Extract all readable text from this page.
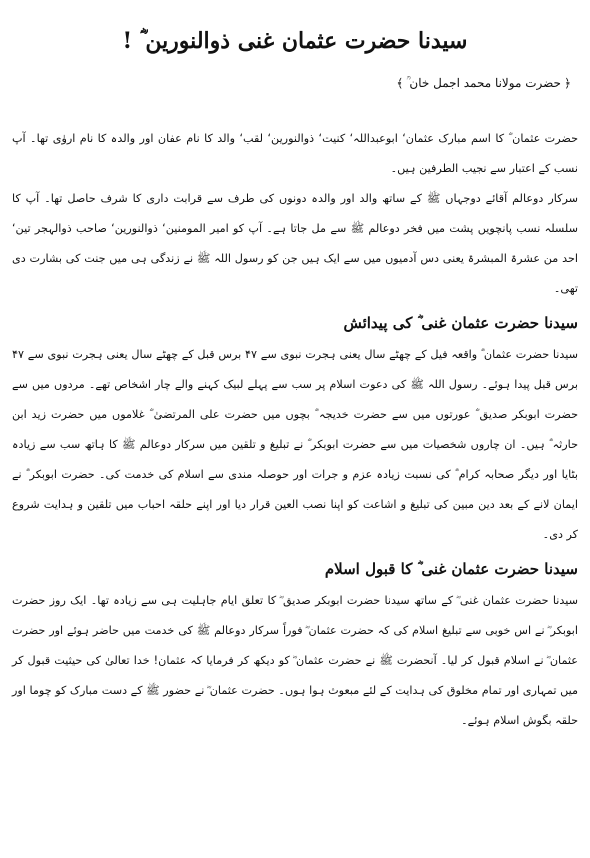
سیدنا حضرت عثمان غنی ذوالنورین ؓ !
﴿حضرت مولانا محمد اجمل خان ؒ﴾

حضرت عثمان ؓ کا اسم مبارک عثمان‘ ابوعبداللہ‘ کنیت‘ ذوالنورین‘ لقب‘ والد کا نام عفان اور والدہ کا نام اروٰی تھا۔ آپ نسب کے اعتبار سے نجیب الطرفین ہیں۔

سرکار دوعالم آقائے دوجہاں ﷺ کے ساتھ والد اور والدہ دونوں کی طرف سے قرابت داری کا شرف حاصل تھا۔ آپ کا سلسلہ نسب پانچویں پشت میں فخر دوعالم ﷺ سے مل جاتا ہے۔ آپ کو امیر المومنین‘ ذوالنورین‘ صاحب ذوالہجر تین‘ احد من عشرۃ المبشرۃ یعنی دس آدمیوں میں سے ایک ہیں جن کو رسول اللہ ﷺ نے زندگی ہی میں جنت کی بشارت دی تھی۔

سیدنا حضرت عثمان غنی ؓ کی پیدائش

سیدنا حضرت عثمان ؓ واقعہ فیل کے چھٹے سال یعنی ہجرت نبوی سے ۴۷ برس قبل کے چھٹے سال یعنی ہجرت نبوی سے ۴۷ برس قبل پیدا ہوئے۔ رسول اللہ ﷺ کی دعوت اسلام پر سب سے پہلے لبیک کہنے والے چار اشخاص تھے۔ مردوں میں سے حضرت ابوبکر صدیق ؓ عورتوں میں سے حضرت خدیجہ ؓ بچوں میں حضرت علی المرتضیٰ ؓ غلاموں میں حضرت زید ابن حارثہ ؓ ہیں۔ ان چاروں شخصیات میں سے حضرت ابوبکر ؓ نے تبلیغ و تلقین میں سرکار دوعالم ﷺ کا ہاتھ سب سے زیادہ بٹایا اور دیگر صحابہ کرام ؓ کی نسبت زیادہ عزم و جرات اور حوصلہ مندی سے اسلام کی خدمت کی۔ حضرت ابوبکر ؓ نے ایمان لانے کے بعد دین مبین کی تبلیغ و اشاعت کو اپنا نصب العین قرار دیا اور اپنے حلقہ احباب میں تلقین و ہدایت شروع کر دی۔

سیدنا حضرت عثمان غنی ؓ کا قبول اسلام

سیدنا حضرت عثمان غنی ؓ کے ساتھ سیدنا حضرت ابوبکر صدیق ؓ کا تعلق ایام جاہلیت ہی سے زیادہ تھا۔ ایک روز حضرت ابوبکر ؓ نے اس خوبی سے تبلیغ اسلام کی کہ حضرت عثمان ؓ فوراً سرکار دوعالم ﷺ کی خدمت میں حاضر ہوئے اور حضرت عثمان ؓ نے اسلام قبول کر لیا۔ آنحضرت ﷺ نے حضرت عثمان ؓ کو دیکھ کر فرمایا کہ عثمان! خدا تعالیٰ کی حیثیت قبول کر میں تمہاری اور تمام مخلوق کی ہدایت کے لئے مبعوث ہوا ہوں۔ حضرت عثمان ؓ نے حضور ﷺ کے دست مبارک کو چوما اور حلقہ بگوش اسلام ہوئے۔
